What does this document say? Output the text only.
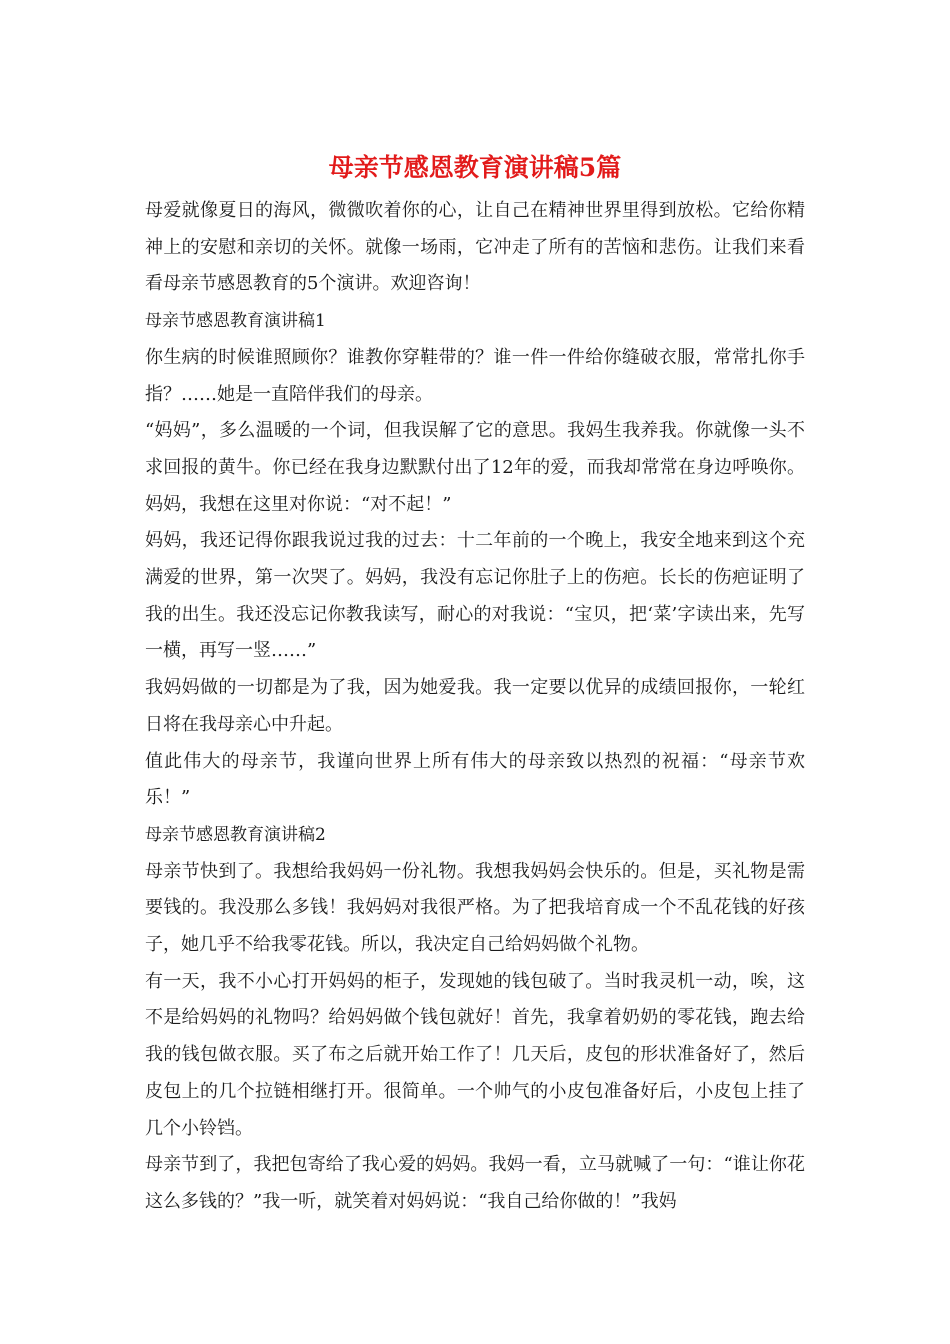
母亲节感恩教育演讲稿5篇

母爱就像夏日的海风，微微吹着你的心，让自己在精神世界里得到放松。它给你精神上的安慰和亲切的关怀。就像一场雨，它冲走了所有的苦恼和悲伤。让我们来看看母亲节感恩教育的5个演讲。欢迎咨询！

母亲节感恩教育演讲稿1

你生病的时候谁照顾你？谁教你穿鞋带的？谁一件一件给你缝破衣服，常常扎你手指？……她是一直陪伴我们的母亲。

“妈妈”，多么温暖的一个词，但我误解了它的意思。我妈生我养我。你就像一头不求回报的黄牛。你已经在我身边默默付出了12年的爱，而我却常常在身边呼唤你。妈妈，我想在这里对你说：“对不起！”

妈妈，我还记得你跟我说过我的过去：十二年前的一个晚上，我安全地来到这个充满爱的世界，第一次哭了。妈妈，我没有忘记你肚子上的伤疤。长长的伤疤证明了我的出生。我还没忘记你教我读写，耐心的对我说：“宝贝，把‘菜’字读出来，先写一横，再写一竖……”

我妈妈做的一切都是为了我，因为她爱我。我一定要以优异的成绩回报你，一轮红日将在我母亲心中升起。

值此伟大的母亲节，我谨向世界上所有伟大的母亲致以热烈的祝福：“母亲节欢乐！”

母亲节感恩教育演讲稿2

母亲节快到了。我想给我妈妈一份礼物。我想我妈妈会快乐的。但是，买礼物是需要钱的。我没那么多钱！我妈妈对我很严格。为了把我培育成一个不乱花钱的好孩子，她几乎不给我零花钱。所以，我决定自己给妈妈做个礼物。

有一天，我不小心打开妈妈的柜子，发现她的钱包破了。当时我灵机一动，唉，这不是给妈妈的礼物吗？给妈妈做个钱包就好！首先，我拿着奶奶的零花钱，跑去给我的钱包做衣服。买了布之后就开始工作了！几天后，皮包的形状准备好了，然后皮包上的几个拉链相继打开。很简单。一个帅气的小皮包准备好后，小皮包上挂了几个小铃铛。

母亲节到了，我把包寄给了我心爱的妈妈。我妈一看，立马就喊了一句：“谁让你花这么多钱的？”我一听，就笑着对妈妈说：“我自己给你做的！”我妈
